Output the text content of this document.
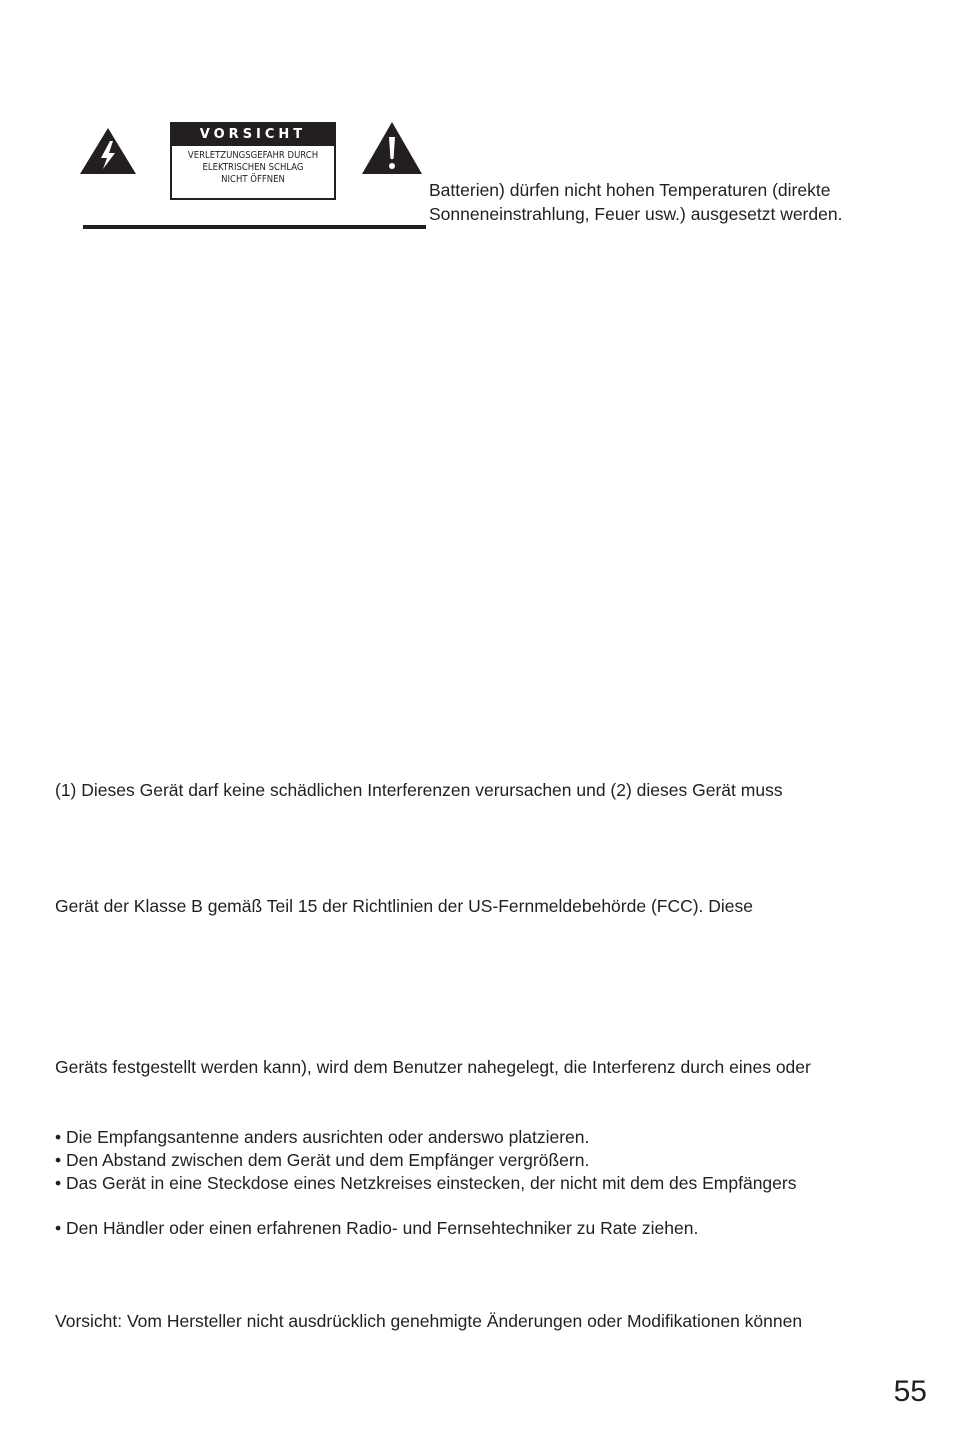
VORSICHT
VERLETZUNGSGEFAHR DURCH
ELEKTRISCHEN SCHLAG
NICHT ÖFFNEN
Batterien) dürfen nicht hohen Temperaturen (direkte
Sonneneinstrahlung, Feuer usw.) ausgesetzt werden.
(1) Dieses Gerät darf keine schädlichen Interferenzen verursachen und (2) dieses Gerät muss
Gerät der Klasse B gemäß Teil 15 der Richtlinien der US-Fernmeldebehörde (FCC). Diese
Geräts festgestellt werden kann), wird dem Benutzer nahegelegt, die Interferenz durch eines oder
• Die Empfangsantenne anders ausrichten oder anderswo platzieren.
• Den Abstand zwischen dem Gerät und dem Empfänger vergrößern.
• Das Gerät in eine Steckdose eines Netzkreises einstecken, der nicht mit dem des Empfängers
• Den Händler oder einen erfahrenen Radio- und Fernsehtechniker zu Rate ziehen.
Vorsicht: Vom Hersteller nicht ausdrücklich genehmigte Änderungen oder Modifikationen können
55
